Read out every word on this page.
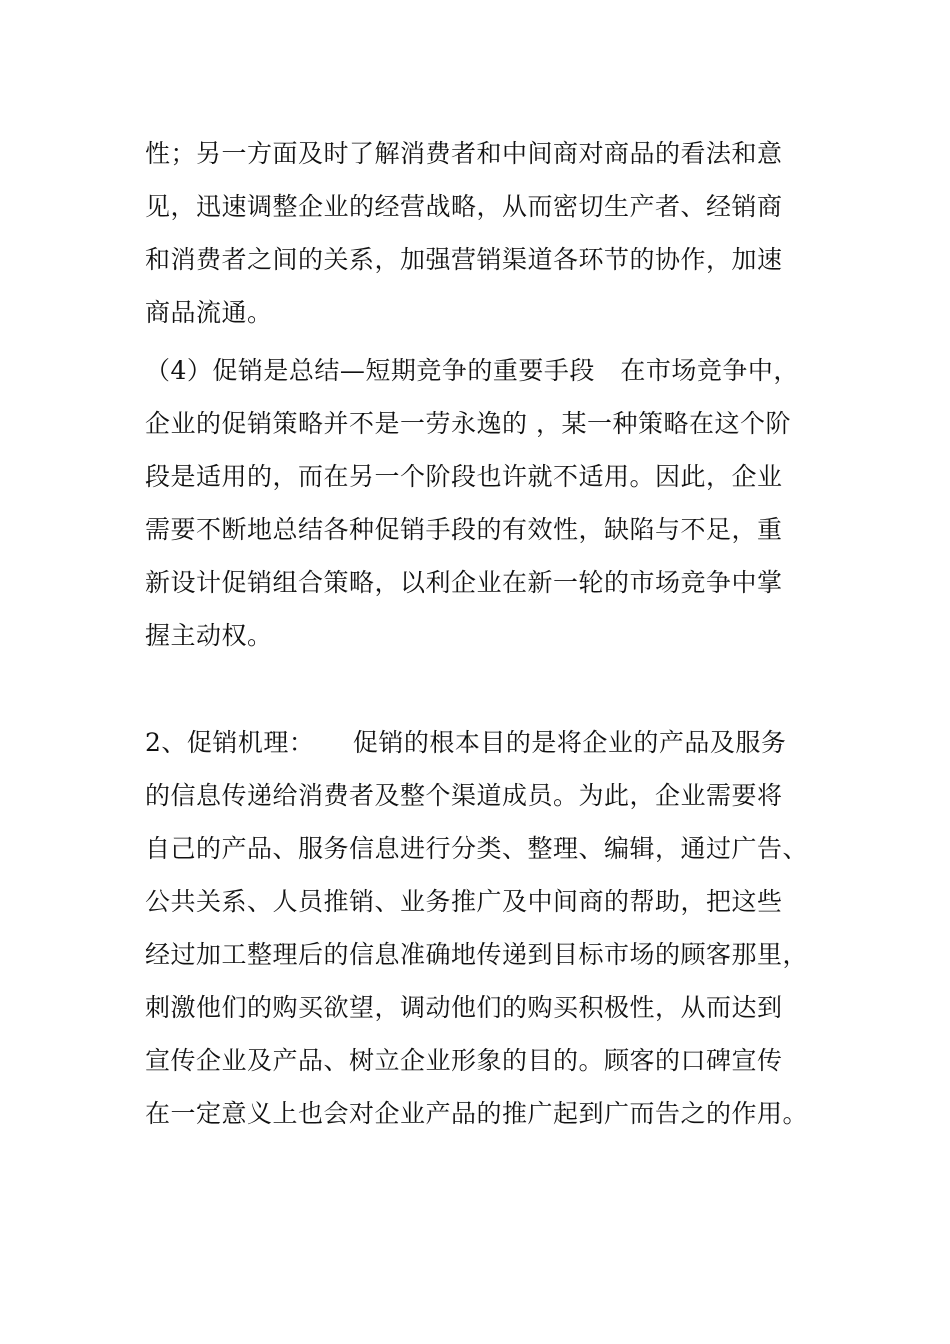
性；另一方面及时了解消费者和中间商对商品的看法和意
见，迅速调整企业的经营战略，从而密切生产者、经销商
和消费者之间的关系，加强营销渠道各环节的协作，加速
商品流通。
（4）促销是总结—短期竞争的重要手段　在市场竞争中，
企业的促销策略并不是一劳永逸的 ，某一种策略在这个阶
段是适用的，而在另一个阶段也许就不适用。因此，企业
需要不断地总结各种促销手段的有效性，缺陷与不足，重
新设计促销组合策略，以利企业在新一轮的市场竞争中掌
握主动权。
2、促销机理：　　促销的根本目的是将企业的产品及服务
的信息传递给消费者及整个渠道成员。为此，企业需要将
自己的产品、服务信息进行分类、整理、编辑，通过广告、
公共关系、人员推销、业务推广及中间商的帮助，把这些
经过加工整理后的信息准确地传递到目标市场的顾客那里，
刺激他们的购买欲望，调动他们的购买积极性，从而达到
宣传企业及产品、树立企业形象的目的。顾客的口碑宣传
在一定意义上也会对企业产品的推广起到广而告之的作用。
